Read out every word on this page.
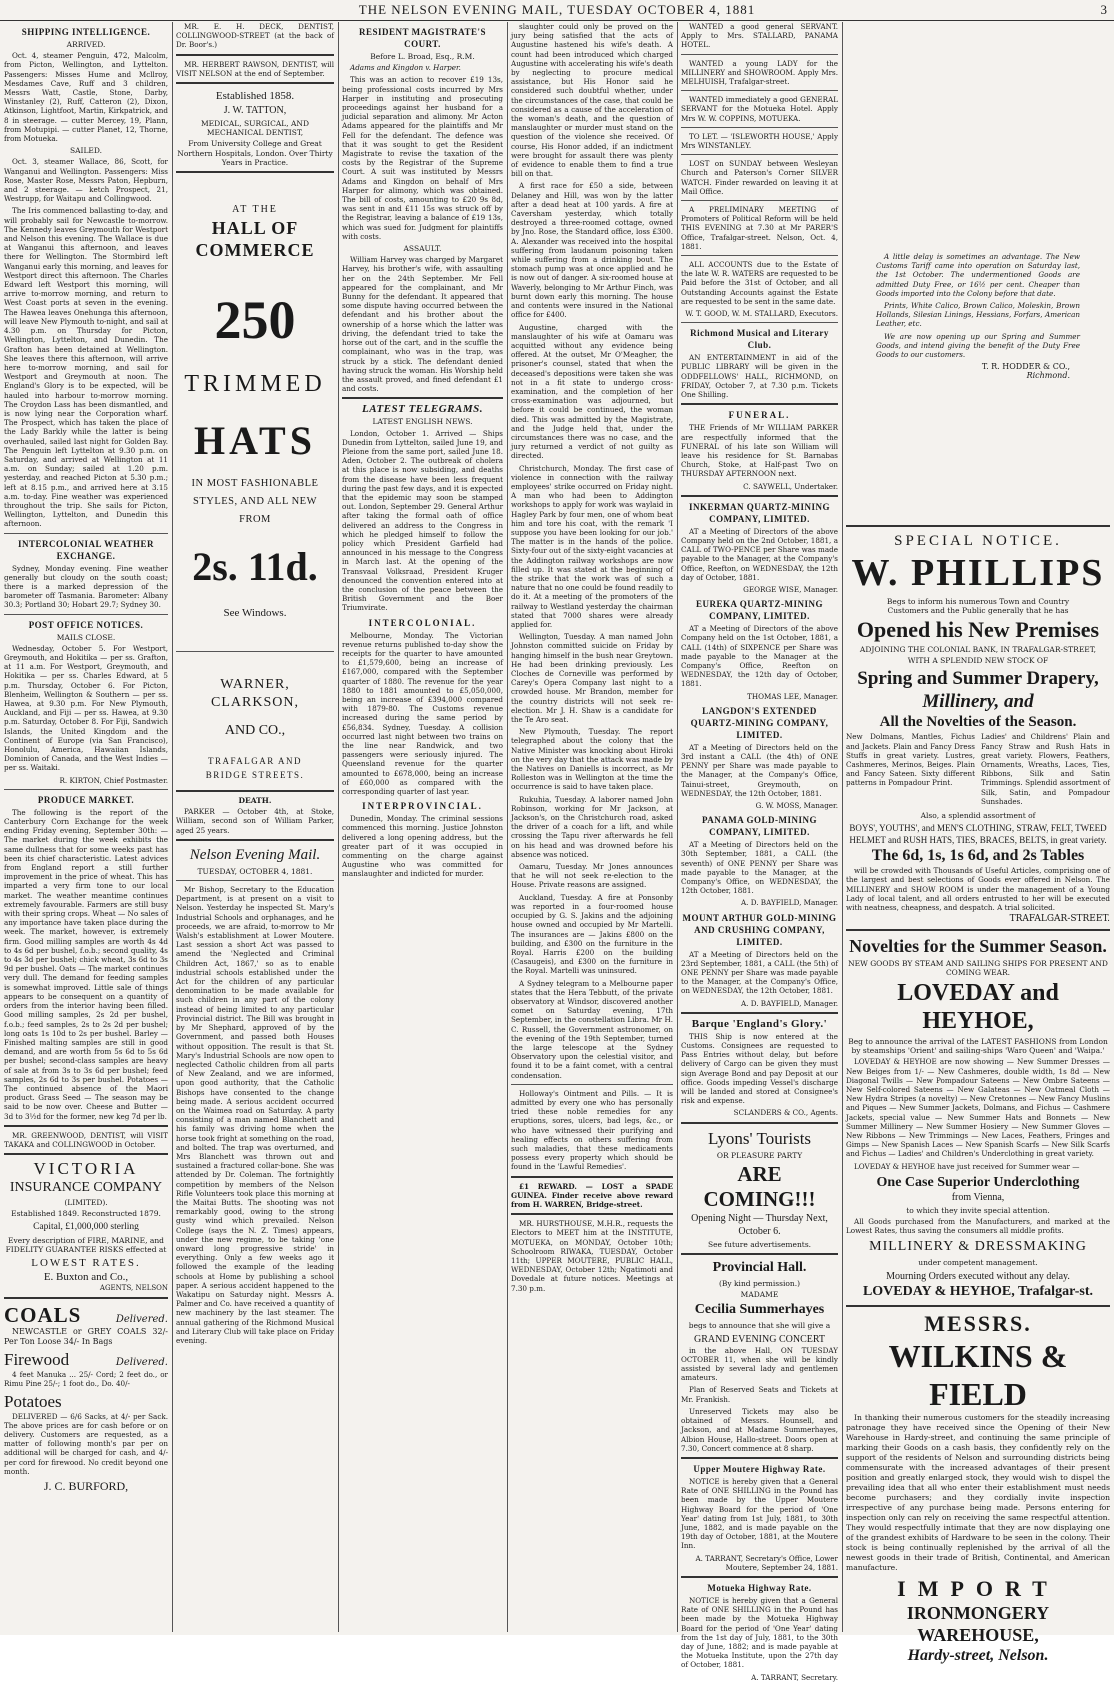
THE NELSON EVENING MAIL, TUESDAY OCTOBER 4, 1881	3
SHIPPING INTELLIGENCE.
ARRIVED.

Oct. 4, steamer Penguin, 472, Malcolm, from Picton, Wellington, and Lyttelton. Passengers: Misses Hume and Mcllroy, Mesdames Cave, Ruff and 3 children, Messrs Watt, Castle, Stone, Darby, Winstanley (2), Ruff, Catteron (2), Dixon, Atkinson, Lightfoot, Martin, Kirkpatrick, and 8 in steerage. — cutter Mercey, 19, Plann, from Motupipi. — cutter Planet, 12, Thorne, from Motueka.

SAILED.

Oct. 3, steamer Wallace, 86, Scott, for Wanganui and Wellington. Passengers: Miss Rose, Master Rose, Messrs Paton, Hepburn, and 2 steerage. — ketch Prospect, 21, Westrupp, for Waitapu and Collingwood.

The Iris commenced ballasting to-day, and will probably sail for Newcastle to-morrow. The Kennedy leaves Greymouth for Westport and Nelson this evening. The Wallace is due at Wanganui this afternoon, and leaves there for Wellington. The Stormbird left Wanganui early this morning, and leaves for Westport direct this afternoon. The Charles Edward left Westport this morning, will arrive to-morrow morning, and return to West Coast ports at seven in the evening. The Hawea leaves Onehunga this afternoon, will leave New Plymouth to-night, and sail at 4.30 p.m. on Thursday for Picton, Wellington, Lyttelton, and Dunedin. The Grafton has been detained at Wellington. She leaves there this afternoon, will arrive here to-morrow morning, and sail for Westport and Greymouth at noon. The England's Glory is to be expected, will be hauled into harbour to-morrow morning. The Croydon Lass has been dismantled, and is now lying near the Corporation wharf. The Prospect, which has taken the place of the Lady Barkly while the latter is being overhauled, sailed last night for Golden Bay. The Penguin left Lyttelton at 9.30 p.m. on Saturday, and arrived at Wellington at 11 a.m. on Sunday; sailed at 1.20 p.m. yesterday, and reached Picton at 5.30 p.m.; left at 8.15 p.m., and arrived here at 3.15 a.m. to-day. Fine weather was experienced throughout the trip. She sails for Picton, Wellington, Lyttelton, and Dunedin this afternoon.

INTERCOLONIAL WEATHER EXCHANGE.

Sydney, Monday evening. Fine weather generally but cloudy on the south coast; there is a marked depression of the barometer off Tasmania. Barometer: Albany 30.3; Portland 30; Hobart 29.7; Sydney 30.

POST OFFICE NOTICES.
MAILS CLOSE.

Wednesday, October 5. For Westport, Greymouth, and Hokitika — per ss. Grafton, at 11 a.m. For Westport, Greymouth, and Hokitika — per ss. Charles Edward, at 5 p.m. Thursday, October 6. For Picton, Blenheim, Wellington & Southern — per ss. Hawea, at 9.30 p.m. For New Plymouth, Auckland, and Fiji — per ss. Hawea, at 9.30 p.m. Saturday, October 8. For Fiji, Sandwich Islands, the United Kingdom and the Continent of Europe (via San Francisco), Honolulu, America, Hawaiian Islands, Dominion of Canada, and the West Indies — per ss. Waitaki.

R. KIRTON, Chief Postmaster.

PRODUCE MARKET.

The following is the report of the Canterbury Corn Exchange for the week ending Friday evening, September 30th: — The market during the week exhibits the same dullness that for some weeks past has been its chief characteristic. Latest advices from England report a still further improvement in the price of wheat. This has imparted a very firm tone to our local market. The weather meantime continues extremely favourable. Farmers are still busy with their spring crops. Wheat — No sales of any importance have taken place during the week. The market, however, is extremely firm. Good milling samples are worth 4s 4d to 4s 6d per bushel, f.o.b.; second quality, 4s to 4s 3d per bushel; chick wheat, 3s 6d to 3s 9d per bushel. Oats — The market continues very dull. The demand for feeding samples is somewhat improved. Little sale of things appears to be consequent on a quantity of orders from the interior having been filled. Good milling samples, 2s 2d per bushel, f.o.b.; feed samples, 2s to 2s 2d per bushel; long oats 1s 10d to 2s per bushel. Barley — Finished malting samples are still in good demand, and are worth from 5s 6d to 5s 6d per bushel; second-class samples are heavy of sale at from 3s to 3s 6d per bushel; feed samples, 2s 6d to 3s per bushel. Potatoes — The continued absence of the Maori product. Grass Seed — The season may be said to be now over. Cheese and Butter — 3d to 3½d for the former, new keg 7d per lb.

MR. GREENWOOD, DENTIST, will VISIT TAKAKA and COLLINGWOOD in October.

VICTORIA
INSURANCE COMPANY
(LIMITED).
Established 1849. Reconstructed 1879.
Capital, £1,000,000 sterling
Every description of FIRE, MARINE, and FIDELITY GUARANTEE RISKS effected at
LOWEST RATES.
E. Buxton and Co.,
AGENTS, NELSON
COALS	Delivered.

NEWCASTLE or GREY COALS 32/- Per Ton Loose 34/- In Bags

Firewood	Delivered.

4 feet Manuka ... 25/- Cord; 2 feet do., or Rimu Pine 25/-; 1 foot do., Do. 40/-

Potatoes

DELIVERED — 6/6 Sacks, at 4/- per Sack. The above prices are for cash before or on delivery. Customers are requested, as a matter of following month's par per on additional will be charged for cash, and 4/- per cord for firewood. No credit beyond one month.

J. C. BURFORD,

MR. E. H. DECK, DENTIST, COLLINGWOOD-STREET (at the back of Dr. Boor's.)

MR. HERBERT RAWSON, DENTIST, will VISIT NELSON at the end of September.

Established 1858.
J. W. TATTON,
MEDICAL, SURGICAL, AND MECHANICAL DENTIST,
From University College and Great Northern Hospitals, London. Over Thirty Years in Practice.
AT THE
HALL OF COMMERCE
250
TRIMMED
HATS
IN MOST FASHIONABLE STYLES, AND ALL NEW FROM
2s. 11d.
See Windows.
WARNER, CLARKSON,
AND CO.,
TRAFALGAR AND BRIDGE STREETS.
DEATH.

PARKER — October 4th, at Stoke, William, second son of William Parker, aged 25 years.

Nelson Evening Mail.
TUESDAY, OCTOBER 4, 1881.

Mr Bishop, Secretary to the Education Department, is at present on a visit to Nelson. Yesterday he inspected St. Mary's Industrial Schools and orphanages, and he proceeds, we are afraid, to-morrow to Mr Walsh's establishment at Lower Moutere. Last session a short Act was passed to amend the 'Neglected and Criminal Children Act, 1867,' so as to enable industrial schools established under the Act for the children of any particular denomination to be made available for such children in any part of the colony instead of being limited to any particular Provincial district. The Bill was brought in by Mr Shephard, approved of by the Government, and passed both Houses without opposition. The result is that St. Mary's Industrial Schools are now open to neglected Catholic children from all parts of New Zealand, and we are informed, upon good authority, that the Catholic Bishops have consented to the change being made. A serious accident occurred on the Waimea road on Saturday. A party consisting of a man named Blanchett and his family was driving home when the horse took fright at something on the road, and bolted. The trap was overturned, and Mrs Blanchett was thrown out and sustained a fractured collar-bone. She was attended by Dr. Coleman. The fortnightly competition by members of the Nelson Rifle Volunteers took place this morning at the Maitai Butts. The shooting was not remarkably good, owing to the strong gusty wind which prevailed. Nelson College (says the N. Z. Times) appears, under the new regime, to be taking 'one onward long progressive stride' in everything. Only a few weeks ago it followed the example of the leading schools at Home by publishing a school paper. A serious accident happened to the Wakatipu on Saturday night. Messrs A. Palmer and Co. have received a quantity of new machinery by the last steamer. The annual gathering of the Richmond Musical and Literary Club will take place on Friday evening.

RESIDENT MAGISTRATE'S COURT.
Before L. Broad, Esq., R.M.

Adams and Kingdon v. Harper.

This was an action to recover £19 13s, being professional costs incurred by Mrs Harper in instituting and prosecuting proceedings against her husband for a judicial separation and alimony. Mr Acton Adams appeared for the plaintiffs and Mr Fell for the defendant. The defence was that it was sought to get the Resident Magistrate to revise the taxation of the costs by the Registrar of the Supreme Court. A suit was instituted by Messrs Adams and Kingdon on behalf of Mrs Harper for alimony, which was obtained. The bill of costs, amounting to £20 9s 8d, was sent in and £11 15s was struck off by the Registrar, leaving a balance of £19 13s, which was sued for. Judgment for plaintiffs with costs.

ASSAULT.

William Harvey was charged by Margaret Harvey, his brother's wife, with assaulting her on the 24th September. Mr Fell appeared for the complainant, and Mr Bunny for the defendant. It appeared that some dispute having occurred between the defendant and his brother about the ownership of a horse which the latter was driving, the defendant tried to take the horse out of the cart, and in the scuffle the complainant, who was in the trap, was struck by a stick. The defendant denied having struck the woman. His Worship held the assault proved, and fined defendant £1 and costs.

LATEST TELEGRAMS.
LATEST ENGLISH NEWS.

London, October 1. Arrived — Ships Dunedin from Lyttelton, sailed June 19, and Pleione from the same port, sailed June 18. Aden, October 2. The outbreak of cholera at this place is now subsiding, and deaths from the disease have been less frequent during the past few days, and it is expected that the epidemic may soon be stamped out. London, September 29. General Arthur after taking the formal oath of office delivered an address to the Congress in which he pledged himself to follow the policy which President Garfield had announced in his message to the Congress in March last. At the opening of the Transvaal Volksraad, President Kruger denounced the convention entered into at the conclusion of the peace between the British Government and the Boer Triumvirate.

INTERCOLONIAL.

Melbourne, Monday. The Victorian revenue returns published to-day show the receipts for the quarter to have amounted to £1,579,600, being an increase of £167,000, compared with the September quarter of 1880. The revenue for the year 1880 to 1881 amounted to £5,050,000, being an increase of £394,000 compared with 1879-80. The Customs revenue increased during the same period by £56,834. Sydney, Tuesday. A collision occurred last night between two trains on the line near Randwick, and two passengers were seriously injured. The Queensland revenue for the quarter amounted to £678,000, being an increase of £60,000 as compared with the corresponding quarter of last year.

INTERPROVINCIAL.

Dunedin, Monday. The criminal sessions commenced this morning. Justice Johnston delivered a long opening address, but the greater part of it was occupied in commenting on the charge against Augustine who was committed for manslaughter and indicted for murder.

slaughter could only be proved on the jury being satisfied that the acts of Augustine hastened his wife's death. A count had been introduced which charged Augustine with accelerating his wife's death by neglecting to procure medical assistance, but His Honor said he considered such doubtful whether, under the circumstances of the case, that could be considered as a cause of the acceleration of the woman's death, and the question of manslaughter or murder must stand on the question of the violence she received. Of course, His Honor added, if an indictment were brought for assault there was plenty of evidence to enable them to find a true bill on that.

A first race for £50 a side, between Delaney and Hill, was won by the latter after a dead heat at 100 yards. A fire at Caversham yesterday, which totally destroyed a three-roomed cottage, owned by Jno. Rose, the Standard office, loss £300. A. Alexander was received into the hospital suffering from laudanum poisoning taken while suffering from a drinking bout. The stomach pump was at once applied and he is now out of danger. A six-roomed house at Waverly, belonging to Mr Arthur Finch, was burnt down early this morning. The house and contents were insured in the National office for £400.

Augustine, charged with the manslaughter of his wife at Oamaru was acquitted without any evidence being offered. At the outset, Mr O'Meagher, the prisoner's counsel, stated that when the deceased's depositions were taken she was not in a fit state to undergo cross-examination, and the completion of her cross-examination was adjourned, but before it could be continued, the woman died. This was admitted by the Magistrate, and the Judge held that, under the circumstances there was no case, and the jury returned a verdict of not guilty as directed.

Christchurch, Monday. The first case of violence in connection with the railway employees' strike occurred on Friday night. A man who had been to Addington workshops to apply for work was waylaid in Hagley Park by four men, one of whom beat him and tore his coat, with the remark 'I suppose you have been looking for our job.' The matter is in the hands of the police. Sixty-four out of the sixty-eight vacancies at the Addington railway workshops are now filled up. It was stated at the beginning of the strike that the work was of such a nature that no one could be found readily to do it. At a meeting of the promoters of the railway to Westland yesterday the chairman stated that 7000 shares were already applied for.

Wellington, Tuesday. A man named John Johnston committed suicide on Friday by hanging himself in the bush near Greytown. He had been drinking previously. Les Cloches de Corneville was performed by Carey's Opera Company last night to a crowded house. Mr Brandon, member for the country districts will not seek re-election. Mr J. H. Shaw is a candidate for the Te Aro seat.

New Plymouth, Tuesday. The report telegraphed about the colony that the Native Minister was knocking about Hiroki on the very day that the attack was made by the Natives on Daniells is incorrect, as Mr Rolleston was in Wellington at the time the occurrence is said to have taken place.

Rukuhia, Tuesday. A laborer named John Robinson, working for Mr Jackson, at Jackson's, on the Christchurch road, asked the driver of a coach for a lift, and while crossing the Tapu river afterwards he fell on his head and was drowned before his absence was noticed.

Oamaru, Tuesday. Mr Jones announces that he will not seek re-election to the House. Private reasons are assigned.

Auckland, Tuesday. A fire at Ponsonby was reported in a four-roomed house occupied by G. S. Jakins and the adjoining house owned and occupied by Mr Martelli. The insurances are — Jakins £800 on the building, and £300 on the furniture in the Royal. Harris £200 on the building (Casaugeis), and £300 on the furniture in the Royal. Martelli was uninsured.

A Sydney telegram to a Melbourne paper states that the Hera Tebbutt, of the private observatory at Windsor, discovered another comet on Saturday evening, 17th September, in the constellation Libra. Mr H. C. Russell, the Government astronomer, on the evening of the 19th September, turned the large telescope at the Sydney Observatory upon the celestial visitor, and found it to be a faint comet, with a central condensation.

Holloway's Ointment and Pills. — It is admitted by every one who has personally tried these noble remedies for any eruptions, sores, ulcers, bad legs, &c., or who have witnessed their purifying and healing effects on others suffering from such maladies, that these medicaments possess every property which should be found in the 'Lawful Remedies'.

£1 REWARD. — LOST a SPADE GUINEA. Finder receive above reward from H. WARREN, Bridge-street.

MR. HURSTHOUSE, M.H.R., requests the Electors to MEET him at the INSTITUTE, MOTUEKA, on MONDAY, October 10th; Schoolroom RIWAKA, TUESDAY, October 11th; UPPER MOUTERE, PUBLIC HALL, WEDNESDAY, October 12th; Ngatimoti and Dovedale at future notices. Meetings at 7.30 p.m.

WANTED a good general SERVANT. Apply to Mrs. STALLARD, PANAMA HOTEL.

WANTED a young LADY for the MILLINERY and SHOWROOM. Apply Mrs. MELHUISH, Trafalgar-street.

WANTED immediately a good GENERAL SERVANT for the Motueka Hotel. Apply Mrs W. W. COPPINS, MOTUEKA.

TO LET. — 'ISLEWORTH HOUSE,' Apply Mrs WINSTANLEY.

LOST on SUNDAY between Wesleyan Church and Paterson's Corner SILVER WATCH. Finder rewarded on leaving it at Mail Office.

A PRELIMINARY MEETING of Promoters of Political Reform will be held THIS EVENING at 7.30 at Mr PARER'S Office, Trafalgar-street. Nelson, Oct. 4, 1881.

ALL ACCOUNTS due to the Estate of the late W. R. WATERS are requested to be Paid before the 31st of October, and all Outstanding Accounts against the Estate are requested to be sent in the same date.

W. T. GOOD, W. M. STALLARD, Executors.

Richmond Musical and Literary Club.

AN ENTERTAINMENT in aid of the PUBLIC LIBRARY will be given in the ODDFELLOWS' HALL, RICHMOND, on FRIDAY, October 7, at 7.30 p.m. Tickets One Shilling.

FUNERAL.

THE Friends of Mr WILLIAM PARKER are respectfully informed that the FUNERAL of his late son William will leave his residence for St. Barnabas Church, Stoke, at Half-past Two on THURSDAY AFTERNOON next.

C. SAYWELL, Undertaker.

INKERMAN QUARTZ-MINING COMPANY, LIMITED.

AT a Meeting of Directors of the above Company held on the 2nd October, 1881, a CALL of TWO-PENCE per Share was made payable to the Manager, at the Company's Office, Reefton, on WEDNESDAY, the 12th day of October, 1881.

GEORGE WISE, Manager.

EUREKA QUARTZ-MINING COMPANY, LIMITED.

AT a Meeting of Directors of the above Company held on the 1st October, 1881, a CALL (14th) of SIXPENCE per Share was made payable to the Manager at the Company's Office, Reefton on WEDNESDAY, the 12th day of October, 1881.

THOMAS LEE, Manager.

LANGDON'S EXTENDED QUARTZ-MINING COMPANY, LIMITED.

AT a Meeting of Directors held on the 3rd instant a CALL (the 4th) of ONE PENNY per Share was made payable to the Manager, at the Company's Office, Tainui-street, Greymouth, on WEDNESDAY, the 12th October, 1881.

G. W. MOSS, Manager.

PANAMA GOLD-MINING COMPANY, LIMITED.

AT a Meeting of Directors held on the 30th September, 1881, a CALL (the seventh) of ONE PENNY per Share was made payable to the Manager, at the Company's Office, on WEDNESDAY, the 12th October, 1881.

A. D. BAYFIELD, Manager.

MOUNT ARTHUR GOLD-MINING AND CRUSHING COMPANY, LIMITED.

AT a Meeting of Directors held on the 23rd September, 1881, a CALL (the 5th) of ONE PENNY per Share was made payable to the Manager, at the Company's Office, on WEDNESDAY, the 12th October, 1881.

A. D. BAYFIELD, Manager.

Barque 'England's Glory.'

THIS Ship is now entered at the Customs. Consignees are requested to Pass Entries without delay, but before delivery of Cargo can be given they must sign Average Bond and pay Deposit at our office. Goods impeding Vessel's discharge will be landed and stored at Consignee's risk and expense.

SCLANDERS & CO., Agents.

Lyons' Tourists
OR PLEASURE PARTY
ARE COMING!!!
Opening Night — Thursday Next, October 6.
See future advertisements.
Provincial Hall.
(By kind permission.)
MADAME
Cecilia Summerhayes
begs to announce that she will give a
GRAND EVENING CONCERT

in the above Hall, ON TUESDAY OCTOBER 11, when she will be kindly assisted by several lady and gentlemen amateurs.

Plan of Reserved Seats and Tickets at Mr. Frankish.

Unreserved Tickets may also be obtained of Messrs. Hounsell, and Jackson, and at Madame Summerhayes, Albion House, Hallo-street. Doors open at 7.30, Concert commence at 8 sharp.

Upper Moutere Highway Rate.

NOTICE is hereby given that a General Rate of ONE SHILLING in the Pound has been made by the Upper Moutere Highway Board for the period of 'One Year' dating from 1st July, 1881, to 30th June, 1882, and is made payable on the 19th day of October, 1881, at the Moutere Inn.

A. TARRANT, Secretary's Office, Lower Moutere, September 24, 1881.

Motueka Highway Rate.

NOTICE is hereby given that a General Rate of ONE SHILLING in the Pound has been made by the Motueka Highway Board for the period of 'One Year' dating from the 1st day of July, 1881, to the 30th day of June, 1882; and is made payable at the Motueka Institute, upon the 27th day of October, 1881.

A. TARRANT, Secretary.

A little delay is sometimes an advantage. The New Customs Tariff came into operation on Saturday last, the 1st October. The undermentioned Goods are admitted Duty Free, or 16½ per cent. Cheaper than Goods imported into the Colony before that date.

Prints, White Calico, Brown Calico, Moleskin, Brown Hollands, Silesian Linings, Hessians, Forfars, American Leather, etc.

We are now opening up our Spring and Summer Goods, and intend giving the benefit of the Duty Free Goods to our customers.

T. R. HODDER & CO.,
Richmond.
SPECIAL NOTICE.
W. PHILLIPS
Begs to inform his numerous Town and Country Customers and the Public generally that he has
Opened his New Premises
ADJOINING THE COLONIAL BANK, IN TRAFALGAR-STREET,
WITH A SPLENDID NEW STOCK OF
Spring and Summer Drapery,
Millinery, and
All the Novelties of the Season.

New Dolmans, Mantles, Fichus and Jackets. Plain and Fancy Dress Stuffs in great variety. Lustres, Cashmeres, Merinos, Beiges. Plain and Fancy Sateen. Sixty different patterns in Pompadour Print.

Ladies' and Childrens' Plain and Fancy Straw and Rush Hats in great variety. Flowers, Feathers, Ornaments, Wreaths, Laces, Ties, Ribbons, Silk and Satin Trimmings. Splendid assortment of Silk, Satin, and Pompadour Sunshades.

Also, a splendid assortment of
BOYS', YOUTHS', and MEN'S CLOTHING, STRAW, FELT, TWEED HELMET and RUSH HATS, TIES, BRACES, BELTS, in great variety.
The 6d, 1s, 1s 6d, and 2s Tables

will be crowded with Thousands of Useful Articles, comprising one of the largest and best selections of Goods ever offered in Nelson. The MILLINERY and SHOW ROOM is under the management of a Young Lady of local talent, and all orders entrusted to her will be executed with neatness, cheapness, and despatch. A trial solicited.

TRAFALGAR-STREET.
Novelties for the Summer Season.
NEW GOODS BY STEAM AND SAILING SHIPS FOR PRESENT AND COMING WEAR.
LOVEDAY and HEYHOE,
Beg to announce the arrival of the LATEST FASHIONS from London by steamships 'Orient' and sailing-ships 'Waro Queen' and 'Waipa.'

LOVEDAY & HEYHOE are now showing — New Summer Dresses — New Beiges from 1/- — New Cashmeres, double width, 1s 8d — New Diagonal Twills — New Pompadour Sateens — New Ombre Sateens — New Self-colored Sateens — New Galateas — New Oatmeal Cloth — New Hydra Stripes (a novelty) — New Cretonnes — New Fancy Muslins and Piques — New Summer Jackets, Dolmans, and Fichus — Cashmere Jackets, special value — New Summer Hats and Bonnets — New Summer Millinery — New Summer Hosiery — New Summer Gloves — New Ribbons — New Trimmings — New Laces, Feathers, Fringes and Gimps — New Spanish Laces — New Spanish Scarfs — New Silk Scarfs and Fichus — Ladies' and Children's Underclothing in great variety.

LOVEDAY & HEYHOE have just received for Summer wear —

One Case Superior Underclothing
from Vienna,
to which they invite special attention.

All Goods purchased from the Manufacturers, and marked at the Lowest Rates, thus saving the consumers all middle profits.

MILLINERY & DRESSMAKING
under competent management.
Mourning Orders executed without any delay.
LOVEDAY & HEYHOE, Trafalgar-st.
MESSRS.
WILKINS & FIELD

In thanking their numerous customers for the steadily increasing patronage they have received since the Opening of their New Warehouse in Hardy-street, and continuing the same principle of marking their Goods on a cash basis, they confidently rely on the support of the residents of Nelson and surrounding districts being commensurate with the increased advantages of their present position and greatly enlarged stock, they would wish to dispel the prevailing idea that all who enter their establishment must needs become purchasers; and they cordially invite inspection irrespective of any purchase being made. Persons entering for inspection only can rely on receiving the same respectful attention. They would respectfully intimate that they are now displaying one of the grandest exhibits of Hardware to be seen in the colony. Their stock is being continually replenished by the arrival of all the newest goods in their trade of British, Continental, and American manufacture.

IMPORT
IRONMONGERY WAREHOUSE,
Hardy-street, Nelson.
